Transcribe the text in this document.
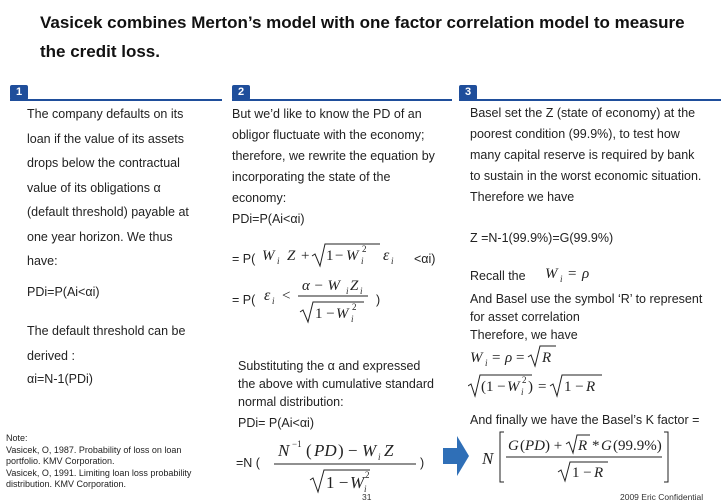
Vasicek combines Merton’s model with one factor correlation model to measure
the credit loss.
1	2	3
The company defaults on its
loan if the value of its assets
drops below the contractual
value of its obligations α
(default threshold) payable at
one year horizon. We thus
have:
PDi=P(Ai<αi)
The default threshold can be
derived :
αi=N-1(PDi)
But we’d like to know the PD of an
obligor fluctuate with the economy;
therefore, we rewrite the equation by
incorporating the state of the
economy:
PDi=P(Ai<αi)
= P( W i Z + 1 − W i
2 ε i <αi)
= P( ε i <
α − W i Z i
1 − W i
2 )
Substituting the α and expressed
the above with cumulative standard
normal distribution:
PDi= P(Ai<αi)
=N (
N −1 ( PD ) − W i Z
1 − W i
2
)
Basel set the Z (state of economy) at the
poorest condition (99.9%), to test how
many capital reserve is required by bank
to sustain in the worst economic situation.
Therefore we have
Z =N-1(99.9%)=G(99.9%)
Recall the W i = ρ
And Basel use the symbol ‘R’ to represent
for asset correlation
Therefore, we have
W i = ρ = R
(1 − W i
2 ) = 1 − R
And finally we have the Basel’s K factor =
N
G ( PD ) + R * G (99.9%)
1 − R
Note:
Vasicek, O, 1987. Probability of loss on loan
portfolio. KMV Corporation.
Vasicek, O, 1991. Limiting loan loss probability
distribution. KMV Corporation.
31	2009 Eric Confidential
